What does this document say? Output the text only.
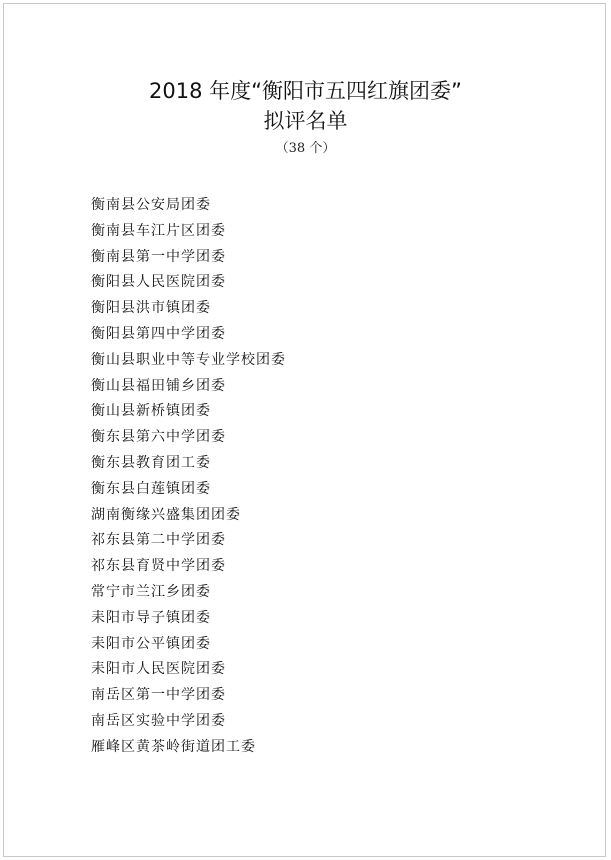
2018 年度“衡阳市五四红旗团委”
拟评名单
（38 个）
衡南县公安局团委
衡南县车江片区团委
衡南县第一中学团委
衡阳县人民医院团委
衡阳县洪市镇团委
衡阳县第四中学团委
衡山县职业中等专业学校团委
衡山县福田铺乡团委
衡山县新桥镇团委
衡东县第六中学团委
衡东县教育团工委
衡东县白莲镇团委
湖南衡缘兴盛集团团委
祁东县第二中学团委
祁东县育贤中学团委
常宁市兰江乡团委
耒阳市导子镇团委
耒阳市公平镇团委
耒阳市人民医院团委
南岳区第一中学团委
南岳区实验中学团委
雁峰区黄茶岭街道团工委
